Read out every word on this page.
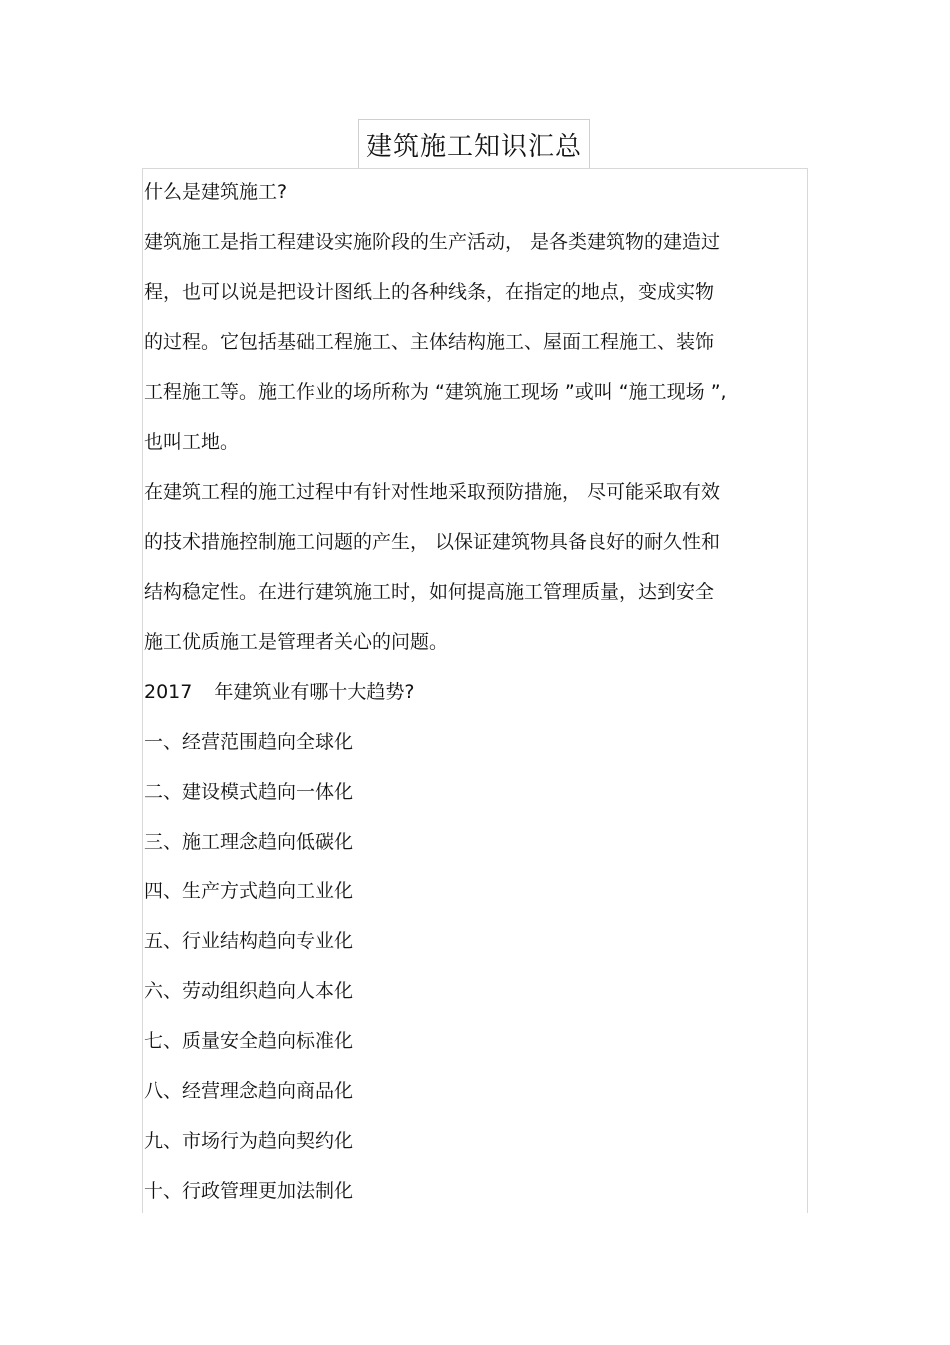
建筑施工知识汇总
什么是建筑施工?
建筑施工是指工程建设实施阶段的生产活动， 是各类建筑物的建造过
程，也可以说是把设计图纸上的各种线条，在指定的地点，变成实物
的过程。它包括基础工程施工、主体结构施工、屋面工程施工、装饰
工程施工等。施工作业的场所称为 “建筑施工现场 ”或叫 “施工现场 ”,
也叫工地。
在建筑工程的施工过程中有针对性地采取预防措施， 尽可能采取有效
的技术措施控制施工问题的产生， 以保证建筑物具备良好的耐久性和
结构稳定性。在进行建筑施工时，如何提高施工管理质量，达到安全
施工优质施工是管理者关心的问题。
2017 年建筑业有哪十大趋势?
一、经营范围趋向全球化
二、建设模式趋向一体化
三、施工理念趋向低碳化
四、生产方式趋向工业化
五、行业结构趋向专业化
六、劳动组织趋向人本化
七、质量安全趋向标准化
八、经营理念趋向商品化
九、市场行为趋向契约化
十、行政管理更加法制化
